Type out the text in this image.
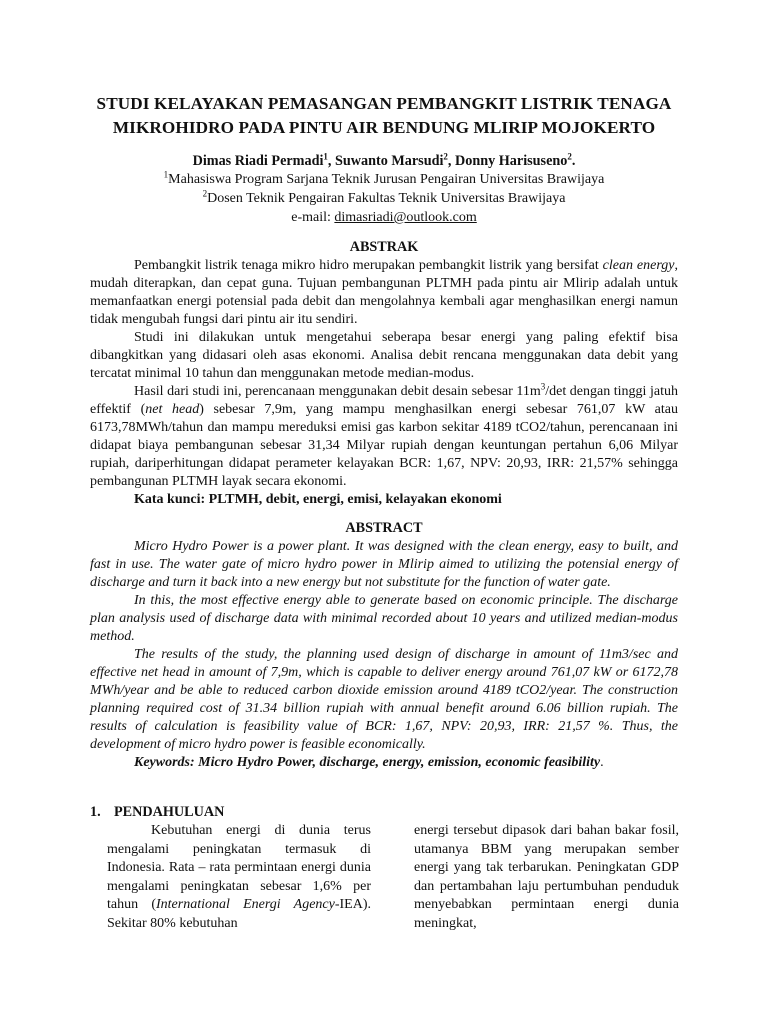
STUDI KELAYAKAN PEMASANGAN PEMBANGKIT LISTRIK TENAGA
MIKROHIDRO PADA PINTU AIR BENDUNG MLIRIP MOJOKERTO
Dimas Riadi Permadi$^1$, Suwanto Marsudi$^2$, Donny Harisuseno$^2$.
$^1$Mahasiswa Program Sarjana Teknik Jurusan Pengairan Universitas Brawijaya
$^2$Dosen Teknik Pengairan Fakultas Teknik Universitas Brawijaya
e-mail: dimasriadi@outlook.com
ABSTRAK

Pembangkit listrik tenaga mikro hidro merupakan pembangkit listrik yang bersifat clean energy, mudah diterapkan, dan cepat guna. Tujuan pembangunan PLTMH pada pintu air Mlirip adalah untuk memanfaatkan energi potensial pada debit dan mengolahnya kembali agar menghasilkan energi namun tidak mengubah fungsi dari pintu air itu sendiri.

Studi ini dilakukan untuk mengetahui seberapa besar energi yang paling efektif bisa dibangkitkan yang didasari oleh asas ekonomi. Analisa debit rencana menggunakan data debit yang tercatat minimal 10 tahun dan menggunakan metode median-modus.

Hasil dari studi ini, perencanaan menggunakan debit desain sebesar $11m^3/\det$ dengan tinggi jatuh effektif (net head) sebesar 7,9m, yang mampu menghasilkan energi sebesar 761,07 kW atau 6173,78MWh/tahun dan mampu mereduksi emisi gas karbon sekitar 4189 tCO2/tahun, perencanaan ini didapat biaya pembangunan sebesar 31,34 Milyar rupiah dengan keuntungan pertahun 6,06 Milyar rupiah, dariperhitungan didapat perameter kelayakan BCR: 1,67, NPV: 20,93, IRR: 21,57% sehingga pembangunan PLTMH layak secara ekonomi.

Kata kunci: PLTMH, debit, energi, emisi, kelayakan ekonomi

ABSTRACT

Micro Hydro Power is a power plant. It was designed with the clean energy, easy to built, and fast in use. The water gate of micro hydro power in Mlirip aimed to utilizing the potensial energy of discharge and turn it back into a new energy but not substitute for the function of water gate.

In this, the most effective energy able to generate based on economic principle. The discharge plan analysis used of discharge data with minimal recorded about 10 years and utilized median-modus method.

The results of the study, the planning used design of discharge in amount of 11m3/sec and effective net head in amount of 7,9m, which is capable to deliver energy around 761,07 kW or 6172,78 MWh/year and be able to reduced carbon dioxide emission around 4189 tCO2/year. The construction planning required cost of 31.34 billion rupiah with annual benefit around 6.06 billion rupiah. The results of calculation is feasibility value of BCR: 1,67, NPV: 20,93, IRR: 21,57 %. Thus, the development of micro hydro power is feasible economically.

Keywords: Micro Hydro Power, discharge, energy, emission, economic feasibility.

1. PENDAHULUAN

Kebutuhan energi di dunia terus mengalami peningkatan termasuk di Indonesia. Rata – rata permintaan energi dunia mengalami peningkatan sebesar 1,6% per tahun (International Energi Agency-IEA). Sekitar 80% kebutuhan

energi tersebut dipasok dari bahan bakar fosil, utamanya BBM yang merupakan sember energi yang tak terbarukan. Peningkatan GDP dan pertambahan laju pertumbuhan penduduk menyebabkan permintaan energi dunia meningkat,
